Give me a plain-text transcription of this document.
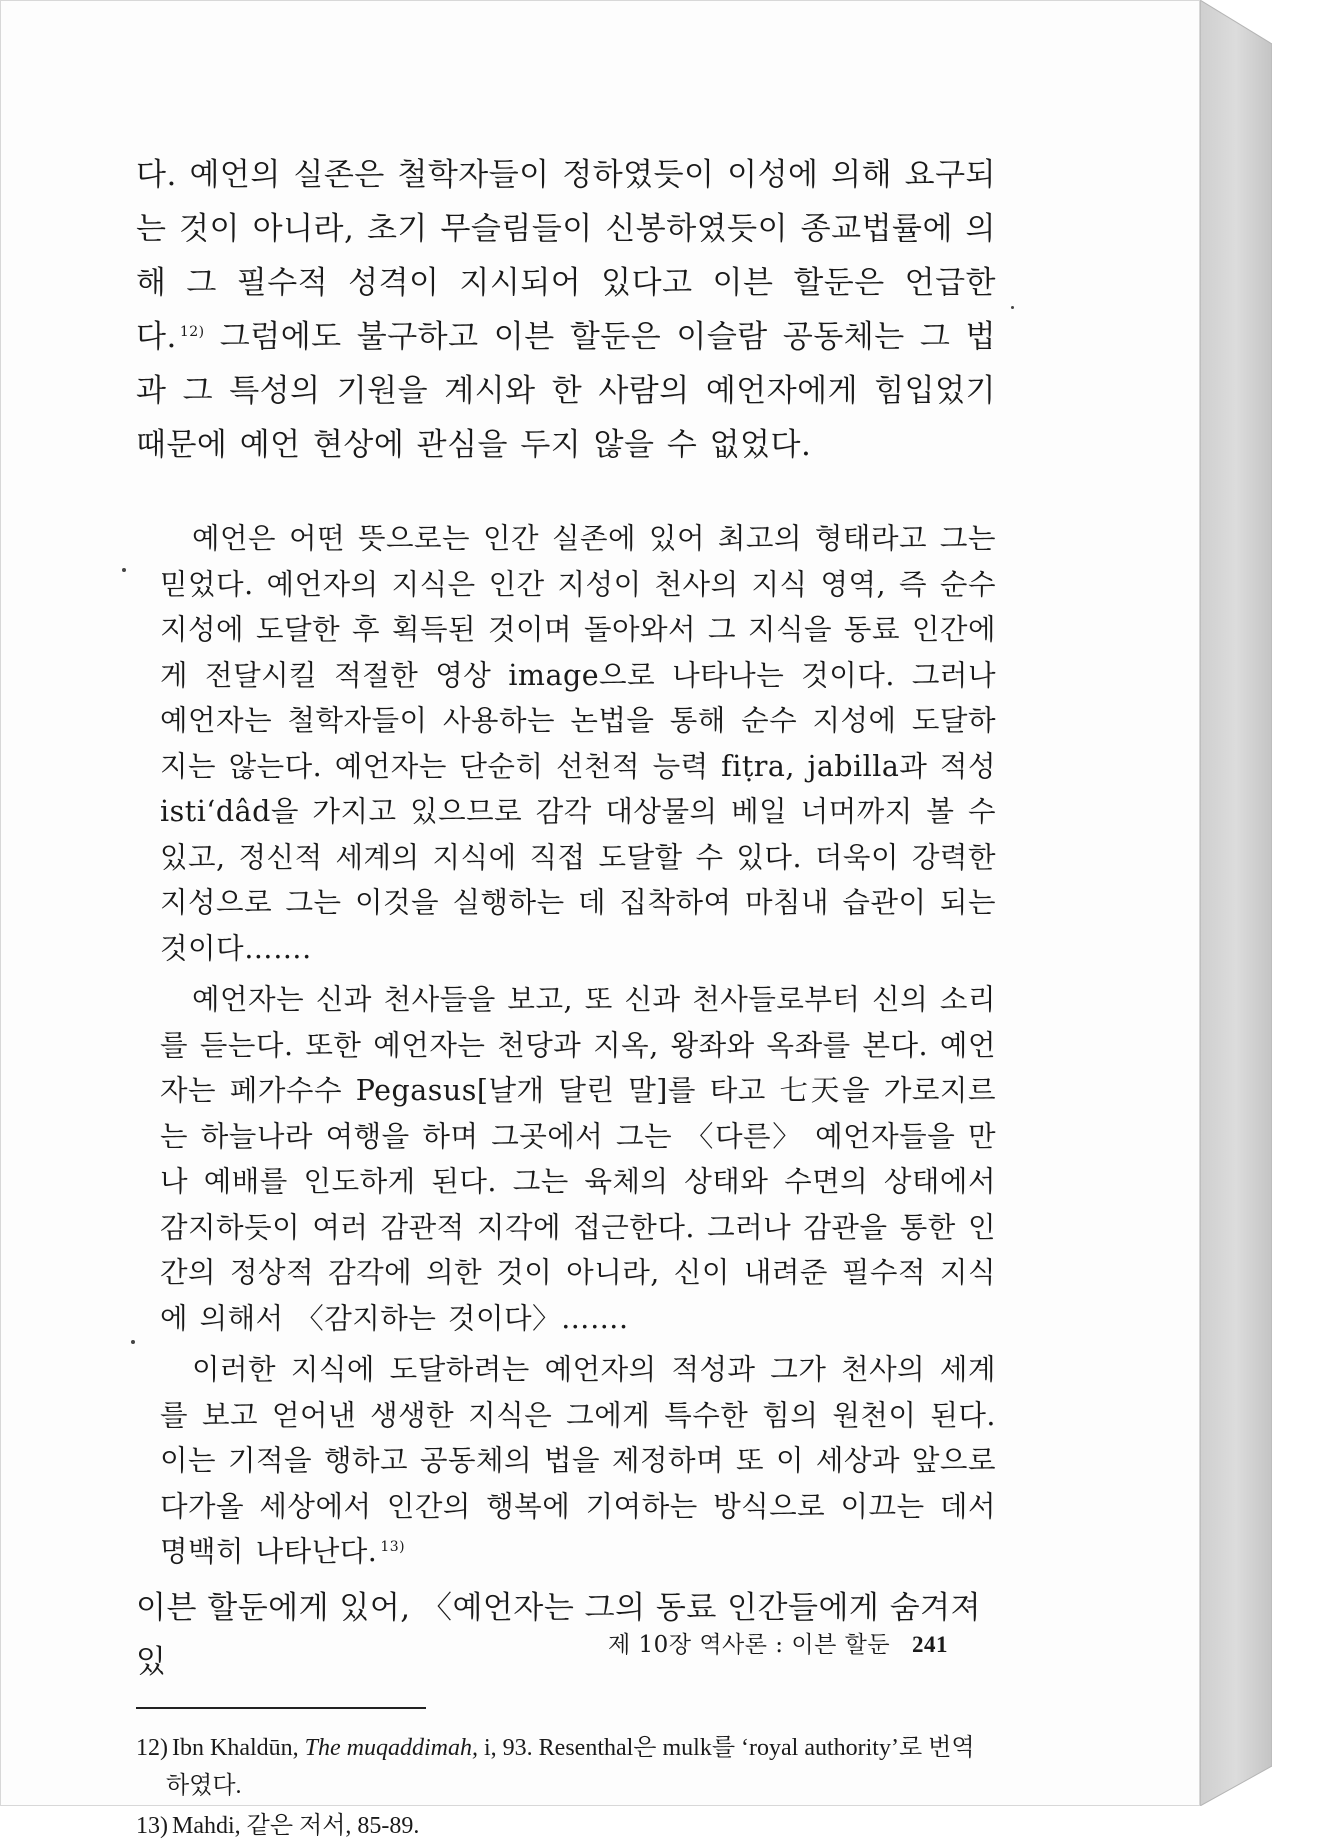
다. 예언의 실존은 철학자들이 정하였듯이 이성에 의해 요구되는 것이 아니라, 초기 무슬림들이 신봉하였듯이 종교법률에 의해 그 필수적 성격이 지시되어 있다고 이븐 할둔은 언급한다. $^{12)}$ 그럼에도 불구하고 이븐 할둔은 이슬람 공동체는 그 법과 그 특성의 기원을 계시와 한 사람의 예언자에게 힘입었기 때문에 예언 현상에 관심을 두지 않을 수 없었다.

예언은 어떤 뜻으로는 인간 실존에 있어 최고의 형태라고 그는 믿었다. 예언자의 지식은 인간 지성이 천사의 지식 영역, 즉 순수 지성에 도달한 후 획득된 것이며 돌아와서 그 지식을 동료 인간에게 전달시킬 적절한 영상 image으로 나타나는 것이다. 그러나 예언자는 철학자들이 사용하는 논법을 통해 순수 지성에 도달하지는 않는다. 예언자는 단순히 선천적 능력 fiṭra, jabilla과 적성 isti‘dâd을 가지고 있으므로 감각 대상물의 베일 너머까지 볼 수 있고, 정신적 세계의 지식에 직접 도달할 수 있다. 더욱이 강력한 지성으로 그는 이것을 실행하는 데 집착하여 마침내 습관이 되는 것이다…….

예언자는 신과 천사들을 보고, 또 신과 천사들로부터 신의 소리를 듣는다. 또한 예언자는 천당과 지옥, 왕좌와 옥좌를 본다. 예언자는 페가수수 Pegasus[날개 달린 말]를 타고 七天을 가로지르는 하늘나라 여행을 하며 그곳에서 그는 〈다른〉 예언자들을 만나 예배를 인도하게 된다. 그는 육체의 상태와 수면의 상태에서 감지하듯이 여러 감관적 지각에 접근한다. 그러나 감관을 통한 인간의 정상적 감각에 의한 것이 아니라, 신이 내려준 필수적 지식에 의해서 〈감지하는 것이다〉…….

이러한 지식에 도달하려는 예언자의 적성과 그가 천사의 세계를 보고 얻어낸 생생한 지식은 그에게 특수한 힘의 원천이 된다. 이는 기적을 행하고 공동체의 법을 제정하며 또 이 세상과 앞으로 다가올 세상에서 인간의 행복에 기여하는 방식으로 이끄는 데서 명백히 나타난다. $^{13)}$

이븐 할둔에게 있어, 〈예언자는 그의 동료 인간들에게 숨겨져 있

12) Ibn Khaldūn, The muqaddimah, i, 93. Resenthal은 mulk를 ‘royal authority’로 번역하였다.

13) Mahdi, 같은 저서, 85-89.

제 10장 역사론 : 이븐 할둔 241
